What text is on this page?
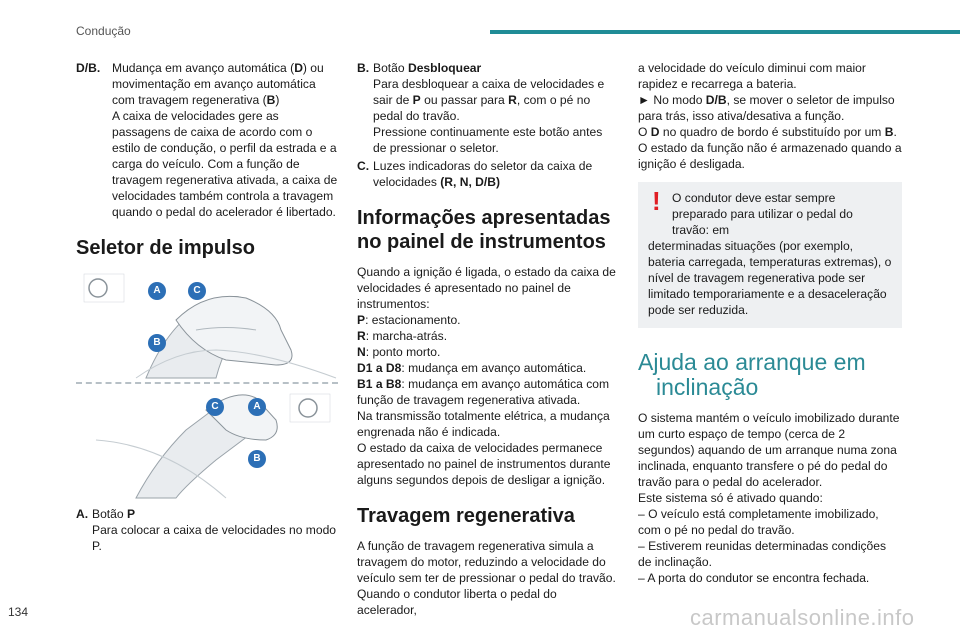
Condução
D/B. Mudança em avanço automática (D) ou movimentação em avanço automática com travagem regenerativa (B)

A caixa de velocidades gere as passagens de caixa de acordo com o estilo de condução, o perfil da estrada e a carga do veículo. Com a função de travagem regenerativa ativada, a caixa de velocidades também controla a travagem quando o pedal do acelerador é libertado.

Seletor de impulso
A	C
B
C	A
B
A. Botão P

Para colocar a caixa de velocidades no modo P.

B. Botão Desbloquear

Para desbloquear a caixa de velocidades e sair de P ou passar para R, com o pé no pedal do travão.

Pressione continuamente este botão antes de pressionar o seletor.

C. Luzes indicadoras do seletor da caixa de velocidades (R, N, D/B)

Informações apresentadas no painel de instrumentos

Quando a ignição é ligada, o estado da caixa de velocidades é apresentado no painel de instrumentos:

P: estacionamento.

R: marcha-atrás.

N: ponto morto.

D1 a D8: mudança em avanço automática.

B1 a B8: mudança em avanço automática com função de travagem regenerativa ativada.

Na transmissão totalmente elétrica, a mudança engrenada não é indicada.

O estado da caixa de velocidades permanece apresentado no painel de instrumentos durante alguns segundos depois de desligar a ignição.

Travagem regenerativa

A função de travagem regenerativa simula a travagem do motor, reduzindo a velocidade do veículo sem ter de pressionar o pedal do travão. Quando o condutor liberta o pedal do acelerador,

a velocidade do veículo diminui com maior rapidez e recarrega a bateria.

► No modo D/B, se mover o seletor de impulso para trás, isso ativa/desativa a função.

O D no quadro de bordo é substituído por um B.

O estado da função não é armazenado quando a ignição é desligada.

! O condutor deve estar sempre preparado para utilizar o pedal do travão: em

determinadas situações (por exemplo, bateria carregada, temperaturas extremas), o nível de travagem regenerativa pode ser limitado temporariamente e a desaceleração pode ser reduzida.

Ajuda ao arranque em
inclinação

O sistema mantém o veículo imobilizado durante um curto espaço de tempo (cerca de 2 segundos) aquando de um arranque numa zona inclinada, enquanto transfere o pé do pedal do travão para o pedal do acelerador.

Este sistema só é ativado quando:

– O veículo está completamente imobilizado, com o pé no pedal do travão.

– Estiverem reunidas determinadas condições de inclinação.

– A porta do condutor se encontra fechada.

134	carmanualsonline.info
